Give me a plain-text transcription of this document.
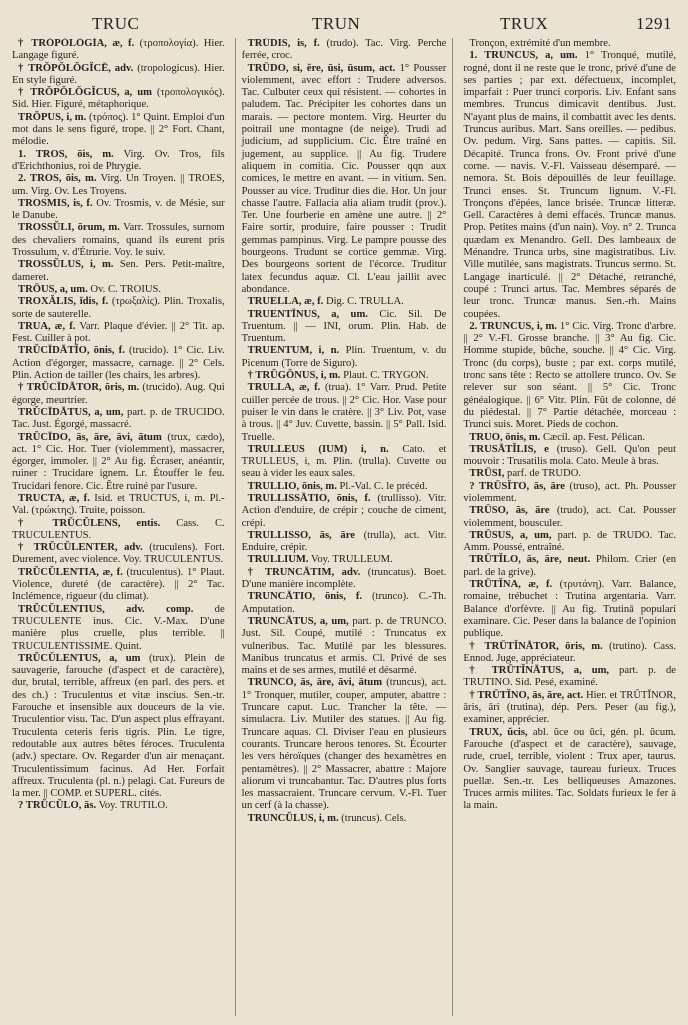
TRUC	TRUN	TRUX	1291

† TRŎPŎLŎGĬA, æ, f. (τροπολογία). Hier. Langage figuré.

† TRŎPŎLŎGĬCĒ, adv. (tropologicus). Hier. En style figuré.

† TRŎPŎLŎGĬCUS, a, um (τροπολογικός). Sid. Hier. Figuré, métaphorique.

TRŎPUS, i, m. (τρόπος). 1° Quint. Emploi d'un mot dans le sens figuré, trope. || 2° Fort. Chant, mélodie.

1. TROS, ōis, m. Virg. Ov. Tros, fils d'Erichthonius, roi de Phrygie.

2. TROS, ōis, m. Virg. Un Troyen. || TROES, um. Virg. Ov. Les Troyens.

TROSMIS, is, f. Ov. Trosmis, v. de Mésie, sur le Danube.

TROSSŬLI, ōrum, m. Varr. Trossules, surnom des chevaliers romains, quand ils eurent pris Trossulum, v. d'Étrurie. Voy. le suiv.

TROSSŬLUS, i, m. Sen. Pers. Petit-maître, dameret.

TRŌUS, a, um. Ov. C. TROIUS.

TROXĂLIS, ĭdis, f. (τρωξαλίς). Plin. Troxalis, sorte de sauterelle.

TRUA, æ, f. Varr. Plaque d'évier. || 2° Tit. ap. Fest. Cuiller à pot.

TRŬCĪDĀTĬO, ōnis, f. (trucido). 1° Cic. Liv. Action d'égorger, massacre, carnage. || 2° Cels. Plin. Action de tailler (les chairs, les arbres).

† TRŬCĪDĀTOR, ōris, m. (trucido). Aug. Qui égorge, meurtrier.

TRŬCĪDĀTUS, a, um, part. p. de TRUCIDO. Tac. Just. Égorgé, massacré.

TRŬCĪDO, ās, āre, āvi, ātum (trux, cædo), act. 1° Cic. Hor. Tuer (violemment), massacrer, égorger, immoler. || 2° Au fig. Écraser, anéantir, ruiner : Trucidare ignem. Lr. Étouffer le feu. Trucidari fenore. Cic. Être ruiné par l'usure.

TRUCTA, æ, f. Isid. et TRUCTUS, i, m. Pl.-Val. (τρώκτης). Truite, poisson.

† TRŬCŬLENS, entis. Cass. C. TRUCULENTUS.

† TRŬCŬLENTER, adv. (truculens). Fort. Durement, avec violence. Voy. TRUCULENTUS.

TRŬCŬLENTIA, æ, f. (truculentus). 1° Plaut. Violence, dureté (de caractère). || 2° Tac. Inclémence, rigueur (du climat).

TRŬCŬLENTIUS, adv. comp. de TRUCULENTE inus. Cic. V.-Max. D'une manière plus cruelle, plus terrible. || TRUCULENTISSIME. Quint.

TRŬCŬLENTUS, a, um (trux). Plein de sauvagerie, farouche (d'aspect et de caractère), dur, brutal, terrible, affreux (en parl. des pers. et des ch.) : Truculentus et vitæ inscius. Sen.-tr. Farouche et insensible aux douceurs de la vie. Truculentior visu. Tac. D'un aspect plus effrayant. Truculenta ceteris feris tigris. Plin. Le tigre, redoutable aux autres bêtes féroces. Truculenta (adv.) spectare. Ov. Regarder d'un air menaçant. Truculentissimum facinus. Ad Her. Forfait affreux. Truculenta (pl. n.) pelagi. Cat. Fureurs de la mer. || COMP. et SUPERL. cités.

? TRŬCŬLO, ās. Voy. TRUTILO.

TRŪDIS, is, f. (trudo). Tac. Virg. Perche ferrée, croc.

TRŪDO, si, ĕre, ūsi, ūsum, act. 1° Pousser violemment, avec effort : Trudere adversos. Tac. Culbuter ceux qui résistent. — cohortes in paludem. Tac. Précipiter les cohortes dans un marais. — pectore montem. Virg. Heurter du poitrail une montagne (de neige). Trudi ad judicium, ad supplicium. Cic. Être traîné en jugement, au supplice. || Au fig. Trudere aliquem in comitia. Cic. Pousser qqn aux comices, le mettre en avant. — in vitium. Sen. Pousser au vice. Truditur dies die. Hor. Un jour chasse l'autre. Fallacia alia aliam trudit (prov.). Ter. Une fourberie en amène une autre. || 2° Faire sortir, produire, faire pousser : Trudit gemmas pampinus. Virg. Le pampre pousse des bourgeons. Trudunt se cortice gemmæ. Virg. Des bourgeons sortent de l'écorce. Truditur latex fecundus aquæ. Cl. L'eau jaillit avec abondance.

TRUELLA, æ, f. Dig. C. TRULLA.

TRUENTĪNUS, a, um. Cic. Sil. De Truentum. || — INI, orum. Plin. Hab. de Truentum.

TRUENTUM, i, n. Plin. Truentum, v. du Picenum (Torre de Siguro).

† TRŬGŎNUS, i, m. Plaut. C. TRYGON.

TRULLA, æ, f. (trua). 1° Varr. Prud. Petite cuiller percée de trous. || 2° Cic. Hor. Vase pour puiser le vin dans le cratère. || 3° Liv. Pot, vase à trous. || 4° Juv. Cuvette, bassin. || 5° Pall. Isid. Truelle.

TRULLEUS (IUM) i, n. Cato. et TRULLEUS, i, m. Plin. (trulla). Cuvette ou seau à vider les eaux sales.

TRULLIO, ōnis, m. Pl.-Val. C. le précéd.

TRULLISSĀTIO, ōnis, f. (trullisso). Vitr. Action d'enduire, de crépir ; couche de ciment, crépi.

TRULLISSO, ās, āre (trulla), act. Vitr. Enduire, crépir.

TRULLIUM. Voy. TRULLEUM.

† TRUNCĀTIM, adv. (truncatus). Boet. D'une manière incomplète.

TRUNCĀTIO, ōnis, f. (trunco). C.-Th. Amputation.

TRUNCĀTUS, a, um, part. p. de TRUNCO. Just. Sil. Coupé, mutilé : Truncatus ex vulneribus. Tac. Mutilé par les blessures. Manibus truncatus et armis. Cl. Privé de ses mains et de ses armes, mutilé et désarmé.

TRUNCO, ās, āre, āvi, ātum (truncus), act. 1° Tronquer, mutiler, couper, amputer, abattre : Truncare caput. Luc. Trancher la tête. — simulacra. Liv. Mutiler des statues. || Au fig. Truncare aquas. Cl. Diviser l'eau en plusieurs courants. Truncare heroos tenores. St. Écourter les vers héroïques (changer des hexamètres en pentamètres). || 2° Massacrer, abattre : Majore aliorum vi truncabantur. Tac. D'autres plus forts les massacraient. Truncare cervum. V.-Fl. Tuer un cerf (à la chasse).

TRUNCŬLUS, i, m. (truncus). Cels.

Tronçon, extrémité d'un membre.

1. TRUNCUS, a, um. 1° Tronqué, mutilé, rogné, dont il ne reste que le tronc, privé d'une de ses parties ; par ext. défectueux, incomplet, imparfait : Puer trunci corporis. Liv. Enfant sans membres. Truncus dimicavit dentibus. Just. N'ayant plus de mains, il combattit avec les dents. Truncus auribus. Mart. Sans oreilles. — pedibus. Ov. pedum. Virg. Sans pattes. — capitis. Sil. Décapité. Trunca frons. Ov. Front privé d'une corne. — navis. V.-Fl. Vaisseau désemparé. — nemora. St. Bois dépouillés de leur feuillage. Trunci enses. St. Truncum lignum. V.-Fl. Tronçons d'épées, lance brisée. Truncæ litteræ. Gell. Caractères à demi effacés. Truncæ manus. Prop. Petites mains (d'un nain). Voy. n° 2. Trunca quædam ex Menandro. Gell. Des lambeaux de Ménandre. Trunca urbs, sine magistratibus. Liv. Ville mutilée, sans magistrats. Truncus sermo. St. Langage inarticulé. || 2° Détaché, retranché, coupé : Trunci artus. Tac. Membres séparés de leur tronc. Truncæ manus. Sen.-rh. Mains coupées.

2. TRUNCUS, i, m. 1° Cic. Virg. Tronc d'arbre. || 2° V.-Fl. Grosse branche. || 3° Au fig. Cic. Homme stupide, bûche, souche. || 4° Cic. Virg. Tronc (du corps), buste ; par ext. corps mutilé, tronc sans tête : Recto se attollere trunco. Ov. Se relever sur son séant. || 5° Cic. Tronc généalogique. || 6° Vitr. Plin. Fût de colonne, dé du piédestal. || 7° Partie détachée, morceau : Trunci suis. Moret. Pieds de cochon.

TRUO, ōnis, m. Cæcil. ap. Fest. Pélican.

TRUSĀTĬLIS, e (truso). Gell. Qu'on peut mouvoir : Trusatilis mola. Cato. Meule à bras.

TRŪSI, parf. de TRUDO.

? TRŪSĬTO, ās, āre (truso), act. Ph. Pousser violemment.

TRŪSO, ās, āre (trudo), act. Cat. Pousser violemment, bousculer.

TRŪSUS, a, um, part. p. de TRUDO. Tac. Amm. Poussé, entraîné.

TRŪTĬLO, ās, āre, neut. Philom. Crier (en parl. de la grive).

TRŪTĬNA, æ, f. (τρυτάνη). Varr. Balance, romaine, trébuchet : Trutina argentaria. Varr. Balance d'orfèvre. || Au fig. Trutinā populari examinare. Cic. Peser dans la balance de l'opinion publique.

† TRŪTĬNĀTOR, ōris, m. (trutino). Cass. Ennod. Juge, appréciateur.

† TRŪTĬNĀTUS, a, um, part. p. de TRUTINO. Sid. Pesé, examiné.

† TRŪTĬNO, ās, āre, act. Hier. et TRŪTĬNOR, āris, āri (trutina), dép. Pers. Peser (au fig.), examiner, apprécier.

TRUX, ŭcis, abl. ŭce ou ŭci, gén. pl. ŭcum. Farouche (d'aspect et de caractère), sauvage, rude, cruel, terrible, violent : Trux aper, taurus. Ov. Sanglier sauvage, taureau furieux. Truces puellæ. Sen.-tr. Les belliqueuses Amazones. Truces armis milites. Tac. Soldats furieux le fer à la main.
